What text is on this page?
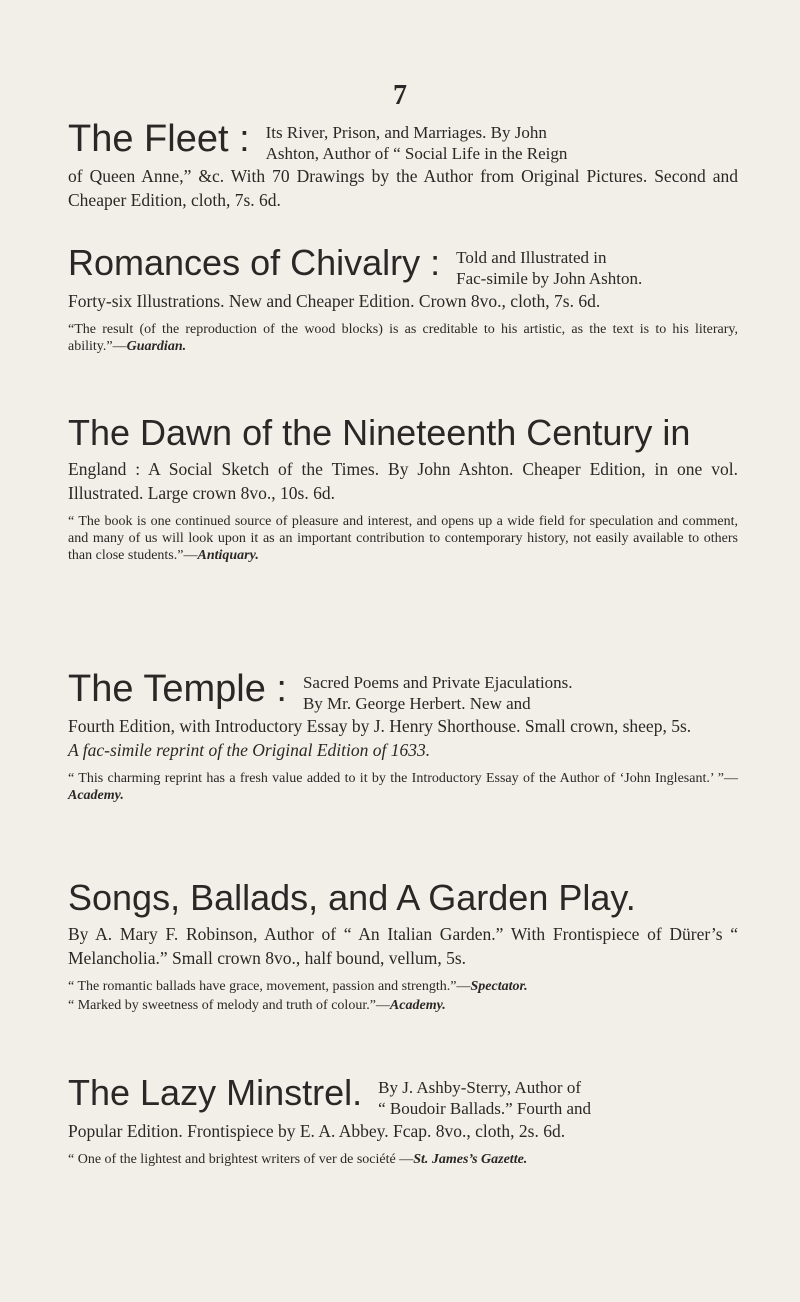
7
The Fleet : Its River, Prison, and Marriages. By John
Ashton, Author of “ Social Life in the Reign

of Queen Anne,” &c. With 70 Drawings by the Author from Original Pictures. Second and Cheaper Edition, cloth, 7s. 6d.

Romances of Chivalry : Told and Illustrated in
Fac-simile by John Ashton.

Forty-six Illustrations. New and Cheaper Edition. Crown 8vo., cloth, 7s. 6d.

“The result (of the reproduction of the wood blocks) is as creditable to his artistic, as the text is to his literary, ability.”—Guardian.

The Dawn of the Nineteenth Century in

England : A Social Sketch of the Times. By John Ashton. Cheaper Edition, in one vol. Illustrated. Large crown 8vo., 10s. 6d.

“ The book is one continued source of pleasure and interest, and opens up a wide field for speculation and comment, and many of us will look upon it as an important contribution to contemporary history, not easily available to others than close students.”—Antiquary.

The Temple : Sacred Poems and Private Ejaculations.
By Mr. George Herbert. New and

Fourth Edition, with Introductory Essay by J. Henry Shorthouse. Small crown, sheep, 5s.

A fac-simile reprint of the Original Edition of 1633.

“ This charming reprint has a fresh value added to it by the Introductory Essay of the Author of ‘John Inglesant.’ ”—Academy.

Songs, Ballads, and A Garden Play.

By A. Mary F. Robinson, Author of “ An Italian Garden.” With Frontispiece of Dürer’s “ Melancholia.” Small crown 8vo., half bound, vellum, 5s.

“ The romantic ballads have grace, movement, passion and strength.”—Spectator.

“ Marked by sweetness of melody and truth of colour.”—Academy.

The Lazy Minstrel. By J. Ashby-Sterry, Author of
“ Boudoir Ballads.” Fourth and

Popular Edition. Frontispiece by E. A. Abbey. Fcap. 8vo., cloth, 2s. 6d.

“ One of the lightest and brightest writers of ver de société —St. James’s Gazette.
